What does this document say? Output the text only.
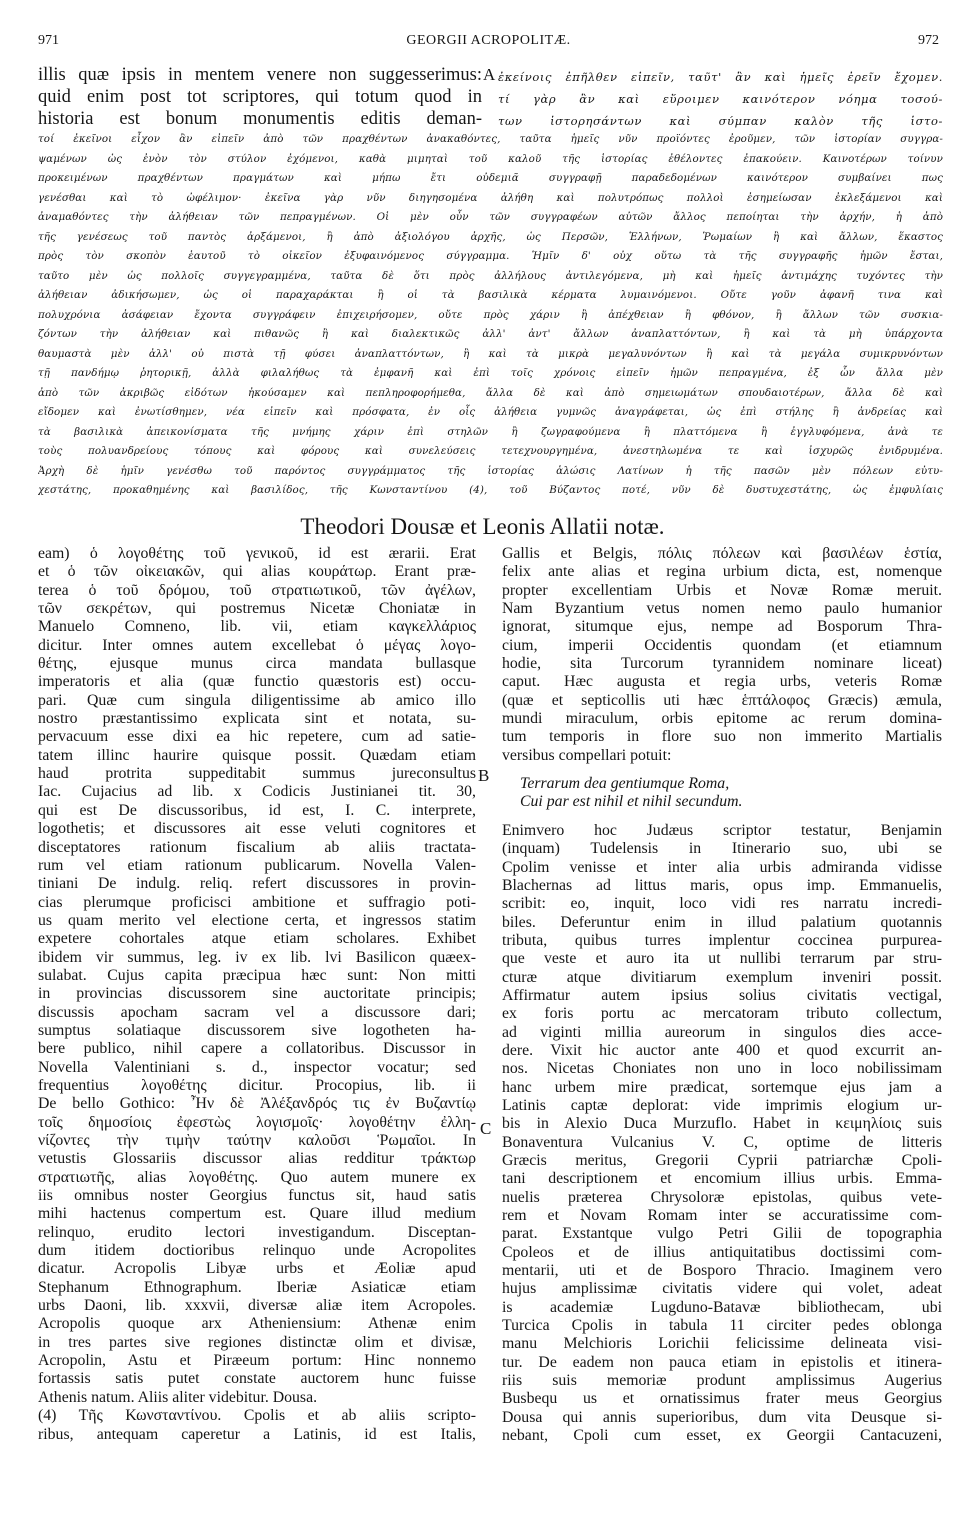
971	GEORGII ACROPOLITÆ.	972
illis quæ ipsis in mentem venere non suggesserimus:
quid enim post tot scriptores, qui totum quod in
historia est bonum monumentis editis deman-
A ἐκείνοις ἐπῆλθεν εἰπεῖν, ταῦτ' ἂν καὶ ἡμεῖς ἐρεῖν ἔχομεν.
τί γὰρ ἂν καὶ εὕροιμεν καινότερον νόημα τοσού-
των ἱστορησάντων καὶ σύμπαν καλὸν τῆς ἱστο-
τοί ἐκεῖνοι εἶχον ἂν εἰπεῖν ἀπὸ τῶν πραχθέντων ἀνακαθόντες, ταῦτα ἡμεῖς νῦν προϊόντες ἐροῦμεν, τῶν ἱστορίαν συγγρα-
ψαμένων ὡς ἐνὸν τὸν στύλον ἐχόμενοι, καθὰ μιμηταὶ τοῦ καλοῦ τῆς ἱστορίας ἐθέλοντες ἐπακούειν. Καινοτέρων τοίνυν
προκειμένων πραχθέντων πραγμάτων καὶ μήπω ἔτι οὐδεμιᾶ συγγραφῇ παραδεδομένων καινότερον συμβαίνει πως
γενέσθαι καὶ τὸ ὠφέλιμον· ἐκεῖνα γὰρ νῦν διηγησομένα ἀλήθη καὶ πολυτρόπως πολλοὶ ἐσημείωσαν ἐκλεξάμενοι καὶ
ἀναμαθόντες τὴν ἀλήθειαν τῶν πεπραγμένων. Οἱ μὲν οὖν τῶν συγγραφέων αὐτῶν ἄλλος πεποίηται τὴν ἀρχήν, ἡ ἀπὸ
τῆς γενέσεως τοῦ παντὸς ἀρξάμενοι, ἢ ἀπὸ ἀξιολόγου ἀρχῆς, ὡς Περσῶν, Ἑλλήνων, Ῥωμαίων ἢ καὶ ἄλλων, ἕκαστος
πρὸς τὸν σκοπὸν ἑαυτοῦ τὸ οἰκεῖον ἐξυφαινόμενος σύγγραμμα. Ἡμῖν δ' οὐχ οὕτω τὰ τῆς συγγραφῆς ἡμῶν ἔσται,
ταῦτο μὲν ὡς πολλοῖς συγγεγραμμένα, ταῦτα δὲ ὅτι πρὸς ἀλλήλους ἀντιλεγόμενα, μὴ καὶ ἡμεῖς ἀντιμάχης τυχόντες τὴν
ἀλήθειαν ἀδικήσωμεν, ὡς οἱ παραχαράκται ἢ οἱ τὰ βασιλικὰ κέρματα λυμαινόμενοι. Οὔτε γοῦν ἀφανῆ τινα καὶ
πολυχρόνια ἀσάφειαν ἔχοντα συγγράφειν ἐπιχειρήσομεν, οὔτε πρὸς χάριν ἢ ἀπέχθειαν ἢ φθόνον, ἢ ἄλλων τῶν συσκια-
ζόντων τὴν ἀλήθειαν καὶ πιθανῶς ἢ καὶ διαλεκτικῶς ἀλλ' ἀντ' ἄλλων ἀναπλαττόντων, ἢ καὶ τὰ μὴ ὑπάρχοντα
θαυμαστὰ μὲν ἀλλ' οὐ πιστὰ τῇ φύσει ἀναπλαττόντων, ἢ καὶ τὰ μικρὰ μεγαλυνόντων ἢ καὶ τὰ μεγάλα συμικρυνόντων
τῇ πανδήμῳ ῥητορικῇ, ἀλλὰ φιλαλήθως τὰ ἐμφανῆ καὶ ἐπὶ τοῖς χρόνοις εἰπεῖν ἡμῶν πεπραγμένα, ἐξ ὧν ἄλλα μὲν
ἀπὸ τῶν ἀκριβῶς εἰδότων ἠκούσαμεν καὶ πεπληροφορήμεθα, ἄλλα δὲ καὶ ἀπὸ σημειωμάτων σπουδαιοτέρων, ἄλλα δὲ καὶ
εἴδομεν καὶ ἐνωτίσθημεν, νέα εἰπεῖν καὶ πρόσφατα, ἐν οἷς ἀλήθεια γυμνῶς ἀναγράφεται, ὡς ἐπὶ στήλης ἢ ἀνδρείας καὶ
τὰ βασιλικὰ ἀπεικονίσματα τῆς μνήμης χάριν ἐπὶ στηλῶν ἢ ζωγραφούμενα ἢ πλαττόμενα ἢ ἐγγλυφόμενα, ἀνὰ τε
τοὺς πολυανδρείους τόπους καὶ φόρους καὶ συνελεύσεις τετεχνουργημένα, ἀνεστηλωμένα τε καὶ ἰσχυρῶς ἐνιδρυμένα.
Ἀρχὴ δὲ ἡμῖν γενέσθω τοῦ παρόντος συγγράμματος τῆς ἱστορίας ἁλώσις Λατίνων ἡ τῆς πασῶν μὲν πόλεων εὐτυ-
χεστάτης, προκαθημένης καὶ βασιλίδος, τῆς Κωνσταντίνου (4), τοῦ Βύζαντος ποτέ, νῦν δὲ δυστυχεστάτης, ὡς ἐμφυλίαις
Theodori Dousæ et Leonis Allatii notæ.
eam) ὁ λογοθέτης τοῦ γενικοῦ, id est ærarii. Erat
et ὁ τῶν οἰκειακῶν, qui alias κουράτωρ. Erant præ-
terea ὁ τοῦ δρόμου, τοῦ στρατιωτικοῦ, τῶν ἀγέλων,
τῶν σεκρέτων, qui postremus Nicetæ Choniatæ in
Manuelo Comneno, lib. vii, etiam καγκελλάριος
dicitur. Inter omnes autem excellebat ὁ μέγας λογο-
θέτης, ejusque munus circa mandata bullasque
imperatoris et alia (quæ functio quæstoris est) occu-
pari. Quæ cum singula diligentissime ab amico illo
nostro præstantissimo explicata sint et notata, su-
pervacuum esse dixi ea hic repetere, cum ad satie-
tatem illinc haurire quisque possit. Quædam etiam
haud protrita suppeditabit summus jureconsultus
Iac. Cujacius ad lib. x Codicis Justinianei tit. 30,
qui est De discussoribus, id est, I. C. interprete,
logothetis; et discussores ait esse veluti cognitores et
disceptatores rationum fiscalium ab aliis tractata-
rum vel etiam rationum publicarum. Novella Valen-
tiniani De indulg. reliq. refert discussores in provin-
cias plerumque proficisci ambitione et suffragio poti-
us quam merito vel electione certa, et ingressos statim
expetere cohortales atque etiam scholares. Exhibet
ibidem vir summus, leg. iv ex lib. lvi Basilicon quæex-
sulabat. Cujus capita præcipua hæc sunt: Non mitti
in provincias discussorem sine auctoritate principis;
discussis apocham sacram vel a discussore dari;
sumptus solatiaque discussorem sive logotheten ha-
bere publico, nihil capere a collatoribus. Discussor in
Novella Valentiniani s. d., inspector vocatur; sed
frequentius λογοθέτης dicitur. Procopius, lib. ii
De bello Gothico: Ἦν δὲ Ἀλέξανδρός τις ἐν Βυζαντίῳ
τοῖς δημοσίοις ἐφεστὼς λογισμοῖς· λογοθέτην ἐλλη-
νίζοντες τὴν τιμὴν ταύτην καλοῦσι Ῥωμαῖοι. In
vetustis Glossariis discussor alias redditur τράκτωρ
στρατιωτῆς, alias λογοθέτης. Quo autem munere ex
iis omnibus noster Georgius functus sit, haud satis
mihi hactenus compertum est. Quare illud medium
relinquo, erudito lectori investigandum. Disceptan-
dum itidem doctioribus relinquo unde Acropolites
dicatur. Acropolis Libyæ urbs et Æoliæ apud
Stephanum Ethnographum. Iberiæ Asiaticæ etiam
urbs Daoni, lib. xxxvii, diversæ aliæ item Acropoles.
Acropolis quoque arx Atheniensium: Athenæ enim
in tres partes sive regiones distinctæ olim et divisæ,
Acropolin, Astu et Piræeum portum: Hinc nonnemo
fortassis satis putet constate auctorem hunc fuisse
Athenis natum. Aliis aliter videbitur. Dousa.
(4) Τῆς Κωνσταντίνου. Cpolis et ab aliis scripto-
ribus, antequam caperetur a Latinis, id est Italis,
B
C
Gallis et Belgis, πόλις πόλεων καὶ βασιλέων ἑστία,
felix ante alias et regina urbium dicta, est, nomenque
propter excellentiam Urbis et Novæ Romæ meruit.
Nam Byzantium vetus nomen nemo paulo humanior
ignorat, situmque ejus, nempe ad Bosporum Thra-
cium, imperii Occidentis quondam (et etiamnum
hodie, sita Turcorum tyrannidem nominare liceat)
caput. Hæc augusta et regia urbs, veteris Romæ
(quæ et septicollis uti hæc ἑπτάλοφος Græcis) æmula,
mundi miraculum, orbis epitome ac rerum domina-
tum temporis in flore suo non immerito Martialis
versibus compellari potuit:
Terrarum dea gentiumque Roma,
Cui par est nihil et nihil secundum.
Enimvero hoc Judæus scriptor testatur, Benjamin
(inquam) Tudelensis in Itinerario suo, ubi se
Cpolim venisse et inter alia urbis admiranda vidisse
Blachernas ad littus maris, opus imp. Emmanuelis,
scribit: eo, inquit, loco vidi res narratu incredi-
biles. Deferuntur enim in illud palatium quotannis
tributa, quibus turres implentur coccinea purpurea-
que veste et auro ita ut nullibi terrarum par stru-
cturæ atque divitiarum exemplum inveniri possit.
Affirmatur autem ipsius solius civitatis vectigal,
ex foris portu ac mercatoram tributo collectum,
ad viginti millia aureorum in singulos dies acce-
dere. Vixit hic auctor ante 400 et quod excurrit an-
nos. Nicetas Choniates non uno in loco nobilissimam
hanc urbem mire prædicat, sortemque ejus jam a
Latinis captæ deplorat: vide imprimis elogium ur-
bis in Alexio Duca Murzuflo. Habet in κειμηλίοις suis
Bonaventura Vulcanius V. C, optime de litteris
Græcis meritus, Gregorii Cyprii patriarchæ Cpoli-
tani descriptionem et encomium illius urbis. Emma-
nuelis præterea Chrysoloræ epistolas, quibus vete-
rem et Novam Romam inter se accuratissime com-
parat. Exstantque vulgo Petri Gilii de topographia
Cpoleos et de illius antiquitatibus doctissimi com-
mentarii, uti et de Bosporo Thracio. Imaginem vero
hujus amplissimæ civitatis videre qui volet, adeat
is academiæ Lugduno-Batavæ bibliothecam, ubi
Turcica Cpolis in tabula 11 circiter pedes oblonga
manu Melchioris Lorichii felicissime delineata visi-
tur. De eadem non pauca etiam in epistolis et itinera-
riis suis memoriæ produnt amplissimus Augerius
Busbequ us et ornatissimus frater meus Georgius
Dousa qui annis superioribus, dum vita Deusque si-
nebant, Cpoli cum esset, ex Georgii Cantacuzeni,
